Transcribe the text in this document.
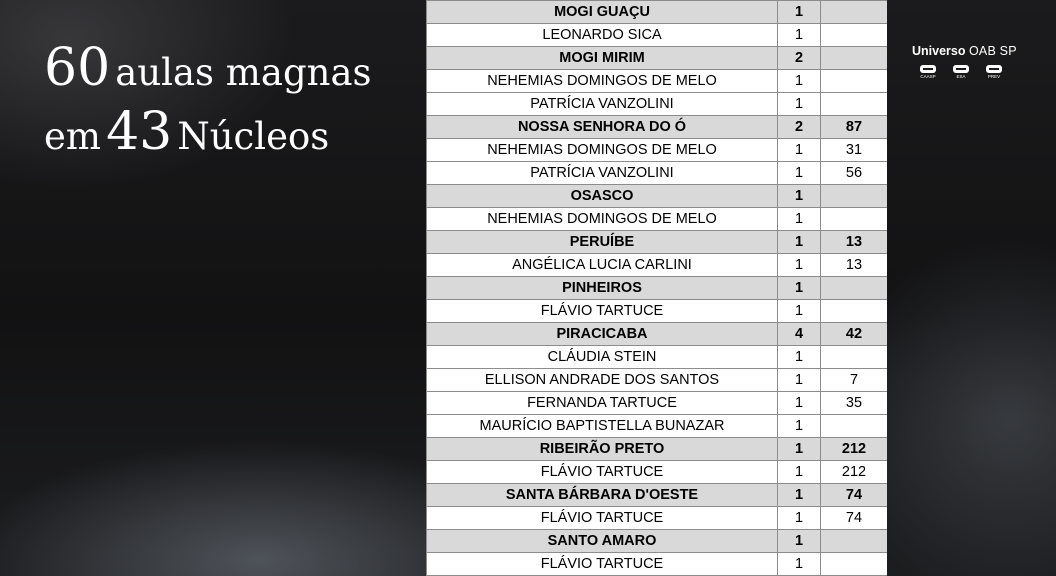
60 aulas magnas
em 43 Núcleos
Universo OAB SP
CAASP	ESA	PREV
MOGI GUAÇU	1	
LEONARDO SICA	1	
MOGI MIRIM	2	
NEHEMIAS DOMINGOS DE MELO	1	
PATRÍCIA VANZOLINI	1	
NOSSA SENHORA DO Ó	2	87
NEHEMIAS DOMINGOS DE MELO	1	31
PATRÍCIA VANZOLINI	1	56
OSASCO	1	
NEHEMIAS DOMINGOS DE MELO	1	
PERUÍBE	1	13
ANGÉLICA LUCIA CARLINI	1	13
PINHEIROS	1	
FLÁVIO TARTUCE	1	
PIRACICABA	4	42
CLÁUDIA STEIN	1	
ELLISON ANDRADE DOS SANTOS	1	7
FERNANDA TARTUCE	1	35
MAURÍCIO BAPTISTELLA BUNAZAR	1	
RIBEIRÃO PRETO	1	212
FLÁVIO TARTUCE	1	212
SANTA BÁRBARA D'OESTE	1	74
FLÁVIO TARTUCE	1	74
SANTO AMARO	1	
FLÁVIO TARTUCE	1	
